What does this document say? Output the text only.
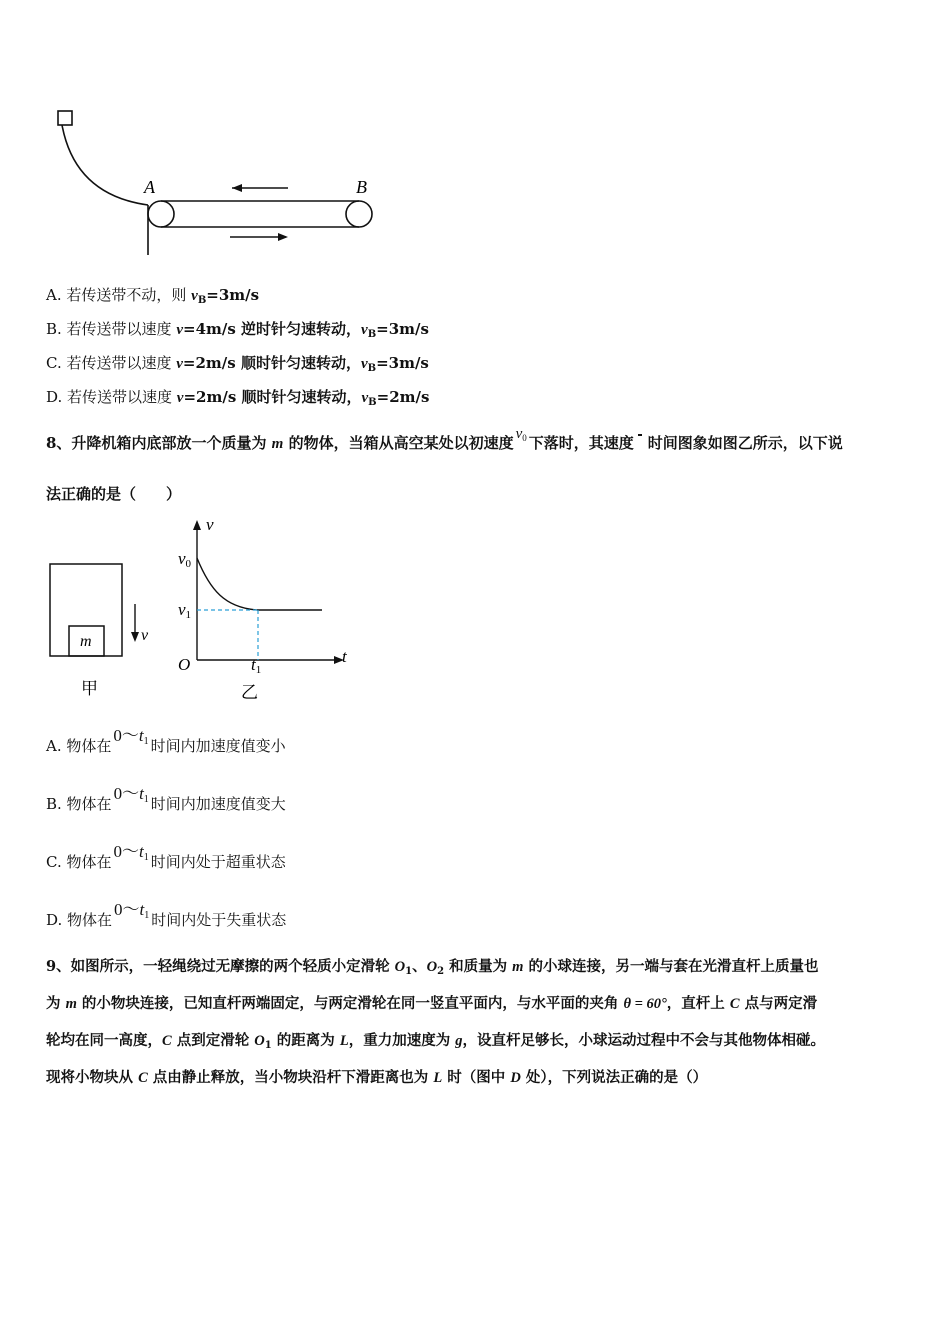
A	B
A. 若传送带不动，则 $v_B=3m/s$
B. 若传送带以速度 v=4m/s 逆时针匀速转动，$v_B=3m/s$
C. 若传送带以速度 v=2m/s 顺时针匀速转动，$v_B=3m/s$
D. 若传送带以速度 v=2m/s 顺时针匀速转动，$v_B=2m/s$
8、升降机箱内底部放一个质量为 m 的物体，当箱从高空某处以初速度 $v_0$ 下落时，其速度 时间图象如图乙所示，以下说
法正确的是（　　）
m	v
甲
v
t
v0
v1
O	t1
乙
A. 物体在0～t1 时间内加速度值变小
B. 物体在0～t1 时间内加速度值变大
C. 物体在0～t1 时间内处于超重状态
D. 物体在0～t1 时间内处于失重状态
9、如图所示，一轻绳绕过无摩擦的两个轻质小定滑轮 $O_1$、$O_2$ 和质量为 m 的小球连接，另一端与套在光滑直杆上质量也
为 m 的小物块连接，已知直杆两端固定，与两定滑轮在同一竖直平面内，与水平面的夹角 θ = 60°，直杆上 C 点与两定滑
轮均在同一高度，C 点到定滑轮 $O_1$ 的距离为 L，重力加速度为 g，设直杆足够长，小球运动过程中不会与其他物体相碰。
现将小物块从 C 点由静止释放，当小物块沿杆下滑距离也为 L 时（图中 D 处），下列说法正确的是（）
